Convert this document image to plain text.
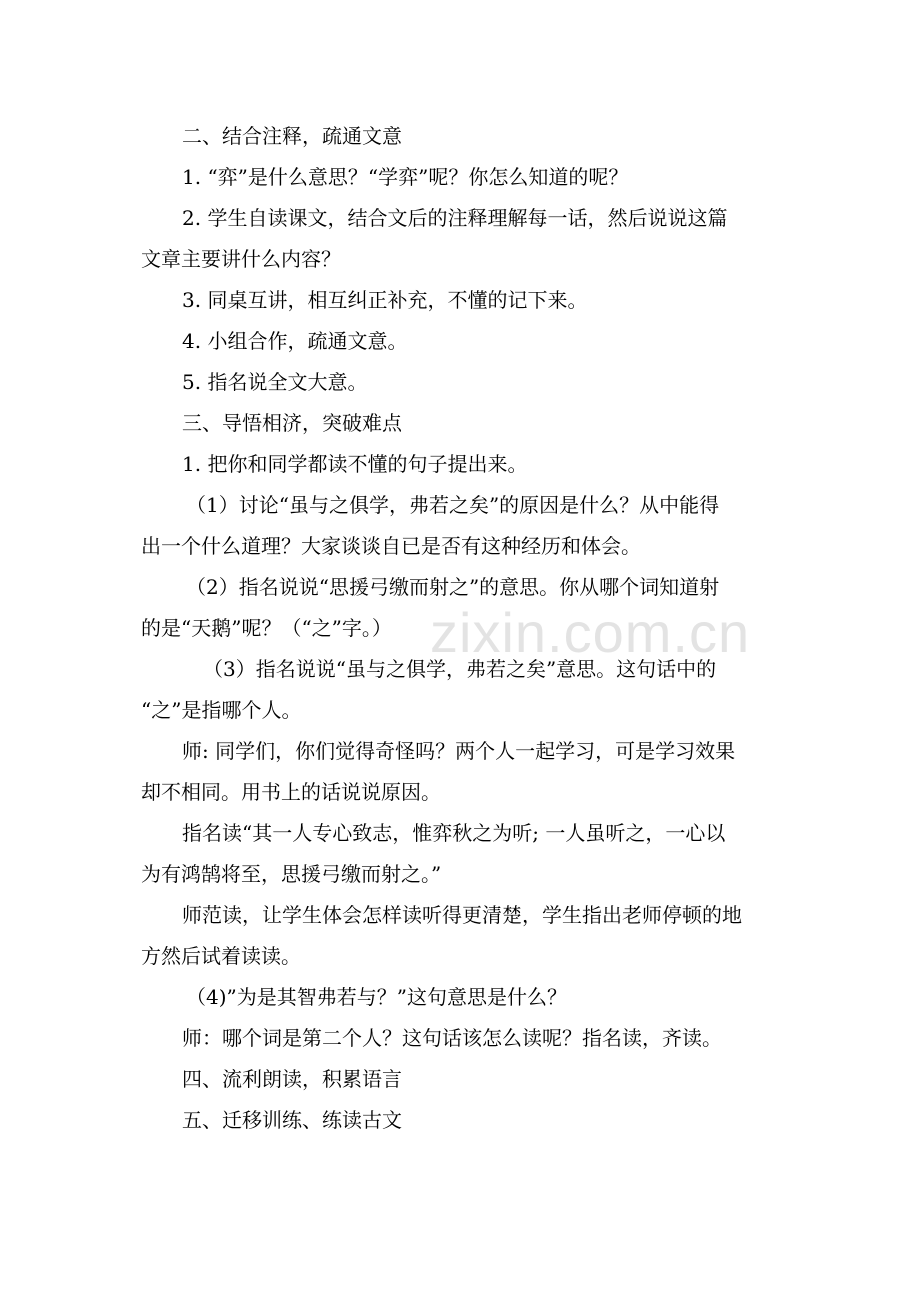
zixin.com.cn

二、结合注释，疏通文意

1. “弈”是什么意思？“学弈”呢？你怎么知道的呢？

2. 学生自读课文，结合文后的注释理解每一话，然后说说这篇

文章主要讲什么内容？

3. 同桌互讲，相互纠正补充，不懂的记下来。

4. 小组合作，疏通文意。

5. 指名说全文大意。

三、导悟相济，突破难点

1. 把你和同学都读不懂的句子提出来。

（1）讨论“虽与之俱学，弗若之矣”的原因是什么？从中能得

出一个什么道理？大家谈谈自已是否有这种经历和体会。

（2）指名说说“思援弓缴而射之”的意思。你从哪个词知道射

的是“天鹅”呢？（“之”字。）

（3）指名说说“虽与之俱学，弗若之矣”意思。这句话中的

“之”是指哪个人。

师: 同学们，你们觉得奇怪吗？两个人一起学习，可是学习效果

却不相同。用书上的话说说原因。

指名读“其一人专心致志，惟弈秋之为听; 一人虽听之，一心以

为有鸿鹄将至，思援弓缴而射之。”

师范读，让学生体会怎样读听得更清楚，学生指出老师停顿的地

方然后试着读读。

（4)”为是其智弗若与？”这句意思是什么？

师：哪个词是第二个人？这句话该怎么读呢？指名读，齐读。

四、流利朗读，积累语言

五、迁移训练、练读古文
